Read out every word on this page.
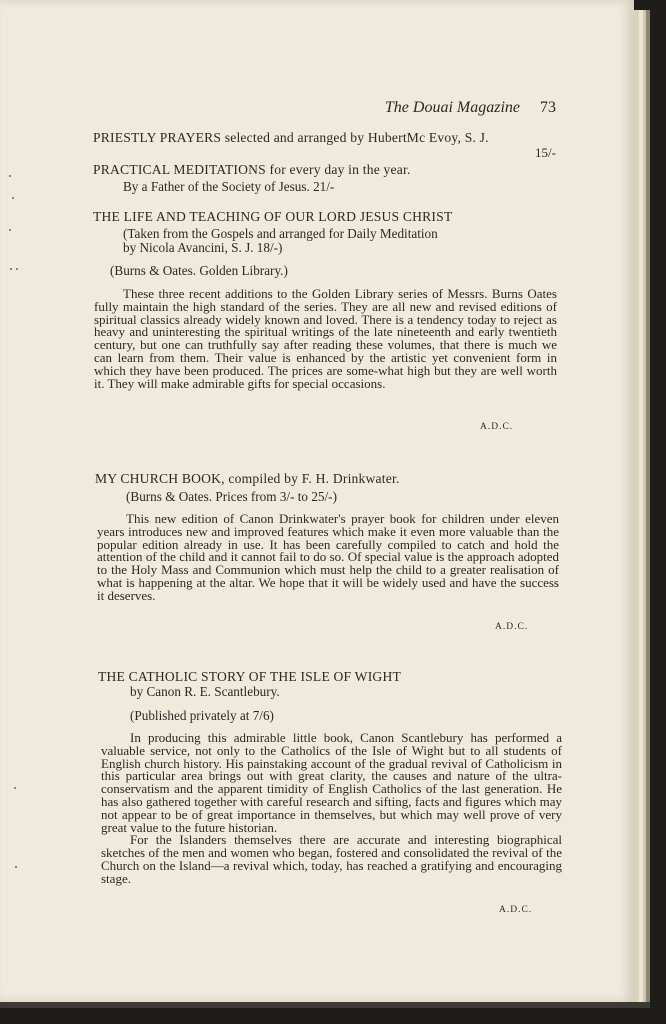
The Douai Magazine 73
PRIESTLY PRAYERS selected and arranged by HubertMc Evoy, S. J.
15/-
PRACTICAL MEDITATIONS for every day in the year.
By a Father of the Society of Jesus. 21/-
THE LIFE AND TEACHING OF OUR LORD JESUS CHRIST
(Taken from the Gospels and arranged for Daily Meditation
by Nicola Avancini, S. J. 18/-)
(Burns & Oates. Golden Library.)

These three recent additions to the Golden Library series of Messrs. Burns Oates fully maintain the high standard of the series. They are all new and revised editions of spiritual classics already widely known and loved. There is a tendency today to reject as heavy and uninteresting the spiritual writings of the late nineteenth and early twentieth century, but one can truthfully say after reading these volumes, that there is much we can learn from them. Their value is enhanced by the artistic yet convenient form in which they have been produced. The prices are some-what high but they are well worth it. They will make admirable gifts for special occasions.

A.D.C.
MY CHURCH BOOK, compiled by F. H. Drinkwater.
(Burns & Oates. Prices from 3/- to 25/-)

This new edition of Canon Drinkwater's prayer book for children under eleven years introduces new and improved features which make it even more valuable than the popular edition already in use. It has been carefully compiled to catch and hold the attention of the child and it cannot fail to do so. Of special value is the approach adopted to the Holy Mass and Communion which must help the child to a greater realisation of what is happening at the altar. We hope that it will be widely used and have the success it deserves.

A.D.C.
THE CATHOLIC STORY OF THE ISLE OF WIGHT
by Canon R. E. Scantlebury.
(Published privately at 7/6)

In producing this admirable little book, Canon Scantlebury has performed a valuable service, not only to the Catholics of the Isle of Wight but to all students of English church history. His painstaking account of the gradual revival of Catholicism in this particular area brings out with great clarity, the causes and nature of the ultra-conservatism and the apparent timidity of English Catholics of the last generation. He has also gathered together with careful research and sifting, facts and figures which may not appear to be of great importance in themselves, but which may well prove of very great value to the future historian.

For the Islanders themselves there are accurate and interesting biographical sketches of the men and women who began, fostered and consolidated the revival of the Church on the Island—a revival which, today, has reached a gratifying and encouraging stage.

A.D.C.
